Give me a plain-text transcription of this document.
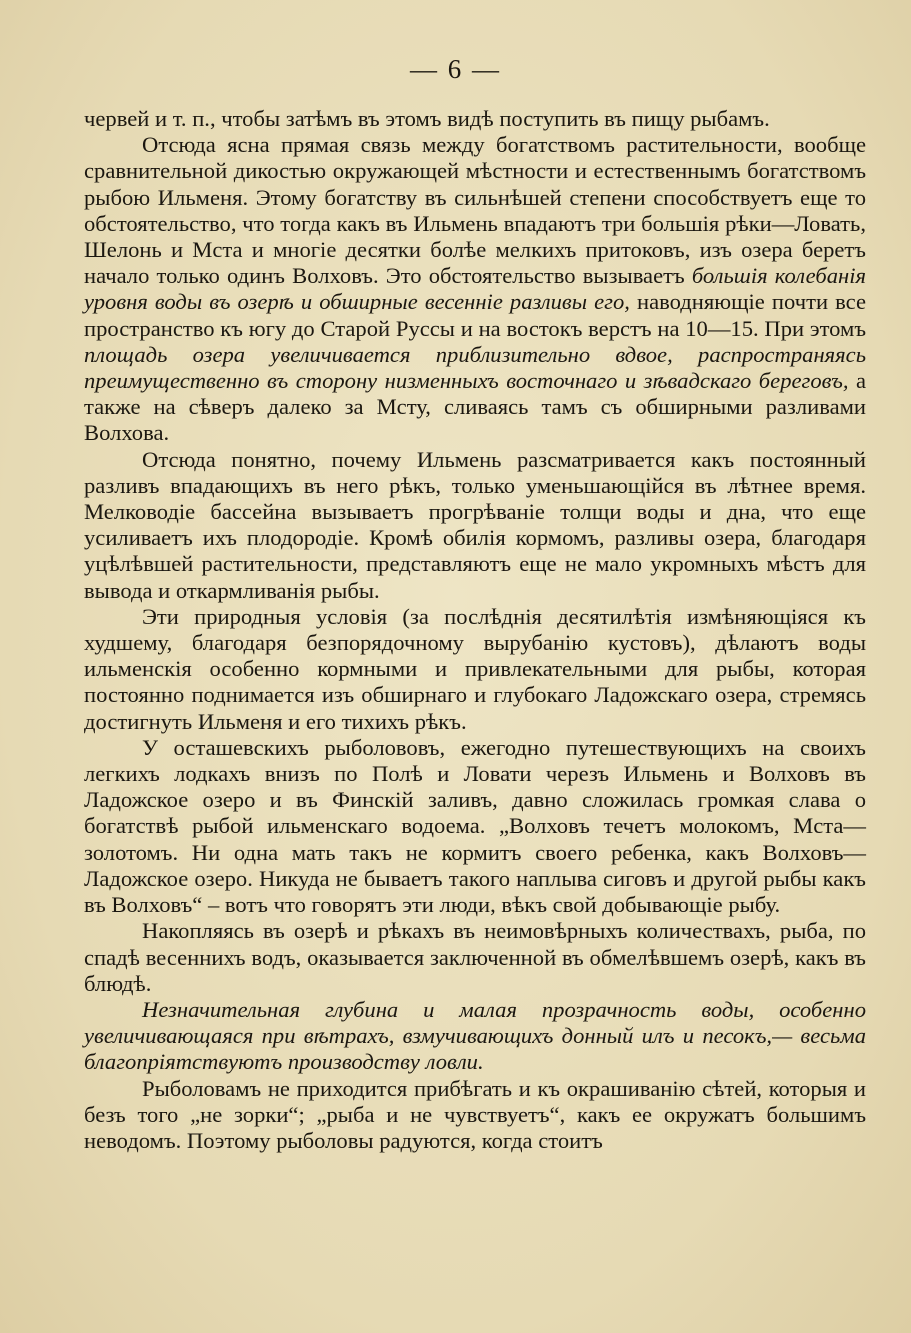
— 6 —

червей и т. п., чтобы затѣмъ въ этомъ видѣ поступить въ пищу рыбамъ.

Отсюда ясна прямая связь между богатствомъ растительности, вообще сравнительной дикостью окружающей мѣстности и естественнымъ богатствомъ рыбою Ильменя. Этому богатству въ сильнѣшей степени способствуетъ еще то обстоятельство, что тогда какъ въ Ильмень впадаютъ три большія рѣки—Ловать, Шелонь и Мста и многіе десятки болѣе мелкихъ притоковъ, изъ озера беретъ начало только одинъ Волховъ. Это обстоятельство вызываетъ большія колебанія уровня воды въ озерѣ и обширные весенніе разливы его, наводняющіе почти все пространство къ югу до Старой Руссы и на востокъ верстъ на 10—15. При этомъ площадь озера увеличивается приблизительно вдвое, распространяясь преимущественно въ сторону низменныхъ восточнаго и зѣвадскаго береговъ, а также на сѣверъ далеко за Мсту, сливаясь тамъ съ обширными разливами Волхова.

Отсюда понятно, почему Ильмень разсматривается какъ постоянный разливъ впадающихъ въ него рѣкъ, только уменьшающійся въ лѣтнее время. Мелководіе бассейна вызываетъ прогрѣваніе толщи воды и дна, что еще усиливаетъ ихъ плодородіе. Кромѣ обилія кормомъ, разливы озера, благодаря уцѣлѣвшей растительности, представляютъ еще не мало укромныхъ мѣстъ для вывода и откармливанія рыбы.

Эти природныя условія (за послѣднія десятилѣтія измѣняющіяся къ худшему, благодаря безпорядочному вырубанію кустовъ), дѣлаютъ воды ильменскія особенно кормными и привлекательными для рыбы, которая постоянно поднимается изъ обширнаго и глубокаго Ладожскаго озера, стремясь достигнуть Ильменя и его тихихъ рѣкъ.

У осташевскихъ рыболововъ, ежегодно путешествующихъ на своихъ легкихъ лодкахъ внизъ по Полѣ и Ловати черезъ Ильмень и Волховъ въ Ладожское озеро и въ Финскій заливъ, давно сложилась громкая слава о богатствѣ рыбой ильменскаго водоема. „Волховъ течетъ молокомъ, Мста—золотомъ. Ни одна мать такъ не кормитъ своего ребенка, какъ Волховъ—Ладожское озеро. Никуда не бываетъ такого наплыва сиговъ и другой рыбы какъ въ Волховъ“ – вотъ что говорятъ эти люди, вѣкъ свой добывающіе рыбу.

Накопляясь въ озерѣ и рѣкахъ въ неимовѣрныхъ количествахъ, рыба, по спадѣ весеннихъ водъ, оказывается заключенной въ обмелѣвшемъ озерѣ, какъ въ блюдѣ.

Незначительная глубина и малая прозрачность воды, особенно увеличивающаяся при вѣтрахъ, взмучивающихъ донный илъ и песокъ,— весьма благопріятствуютъ производству ловли.

Рыболовамъ не приходится прибѣгать и къ окрашиванію сѣтей, которыя и безъ того „не зорки“; „рыба и не чувствуетъ“, какъ ее окружатъ большимъ неводомъ. Поэтому рыболовы радуются, когда стоитъ
